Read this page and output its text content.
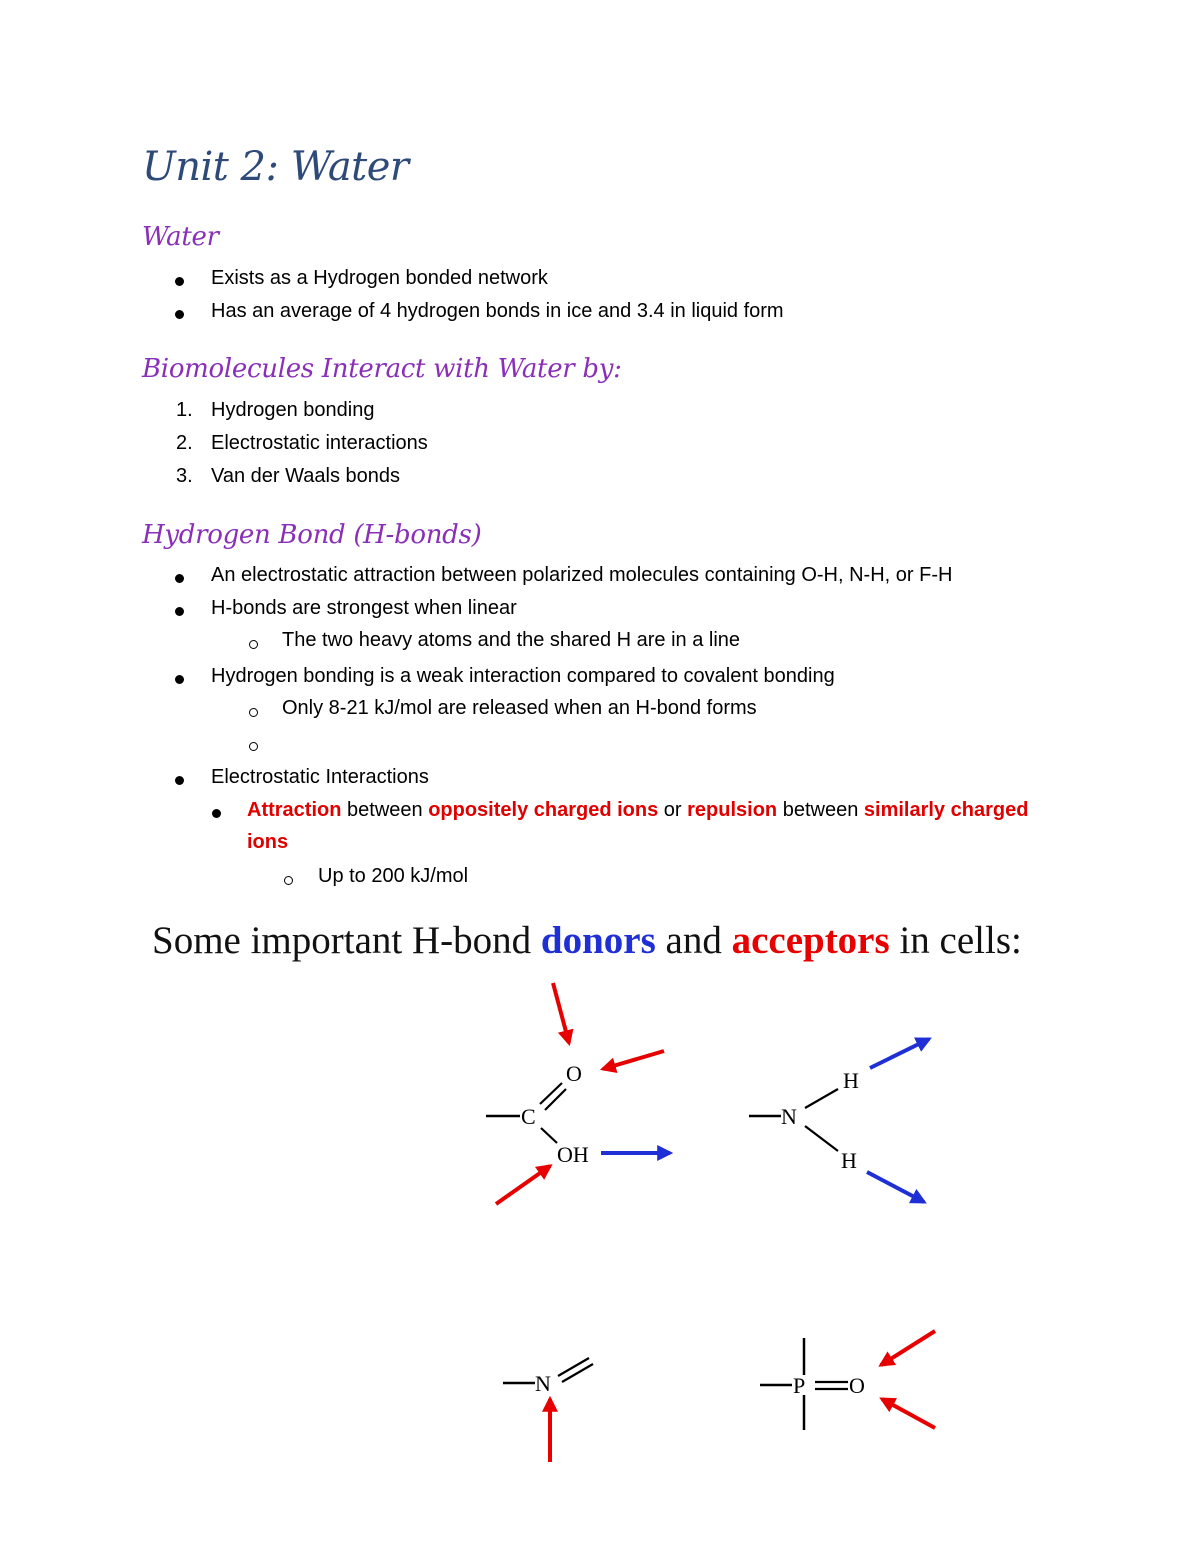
Unit 2: Water
Water
Exists as a Hydrogen bonded network
Has an average of 4 hydrogen bonds in ice and 3.4 in liquid form
Biomolecules Interact with Water by:
1. Hydrogen bonding
2. Electrostatic interactions
3. Van der Waals bonds
Hydrogen Bond (H-bonds)
An electrostatic attraction between polarized molecules containing O-H, N-H, or F-H
H-bonds are strongest when linear
The two heavy atoms and the shared H are in a line
Hydrogen bonding is a weak interaction compared to covalent bonding
Only 8-21 kJ/mol are released when an H-bond forms
Electrostatic Interactions
Attraction between oppositely charged ions or repulsion between similarly charged
ions
Up to 200 kJ/mol
Some important H-bond donors and acceptors in cells:
C
O
OH
N
H
H
N	P O
